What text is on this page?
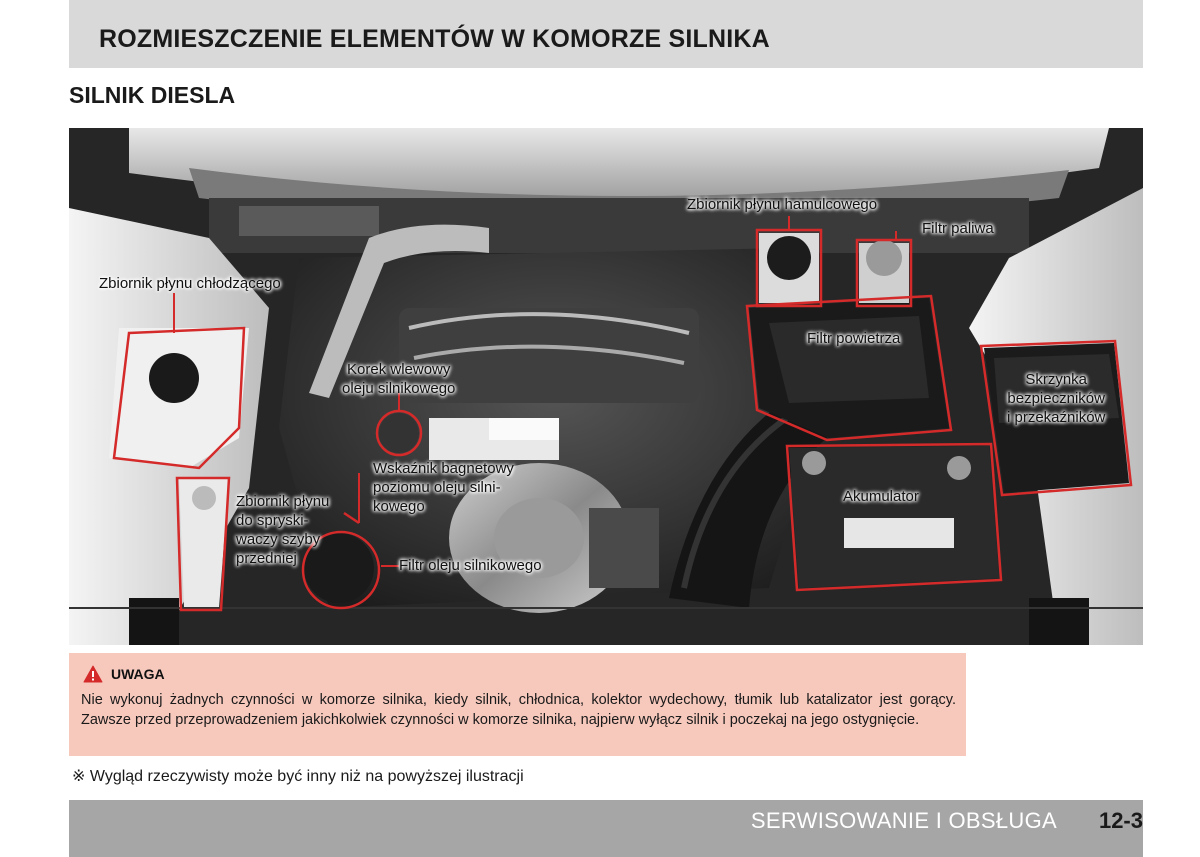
ROZMIESZCZENIE ELEMENTÓW W KOMORZE SILNIKA
SILNIK DIESLA
Zbiornik płynu chłodzącego
Zbiornik płynu hamulcowego
Filtr paliwa
Filtr powietrza
Korek wlewowy
oleju silnikowego
Skrzynka
bezpieczników
i przekaźników
Wskaźnik bagnetowy
poziomu oleju silni-
kowego
Akumulator
Zbiornik płynu
do spryski-
waczy szyby
przedniej	Filtr oleju silnikowego
UWAGA
Nie wykonuj żadnych czynności w komorze silnika, kiedy silnik, chłodnica, kolektor wydechowy, tłumik lub katalizator jest gorący. Zawsze przed przeprowadzeniem jakichkolwiek czynności w komorze silnika, najpierw wyłącz silnik i poczekaj na jego ostygnięcie.
※ Wygląd rzeczywisty może być inny niż na powyższej ilustracji
SERWISOWANIE I OBSŁUGA 12-3
